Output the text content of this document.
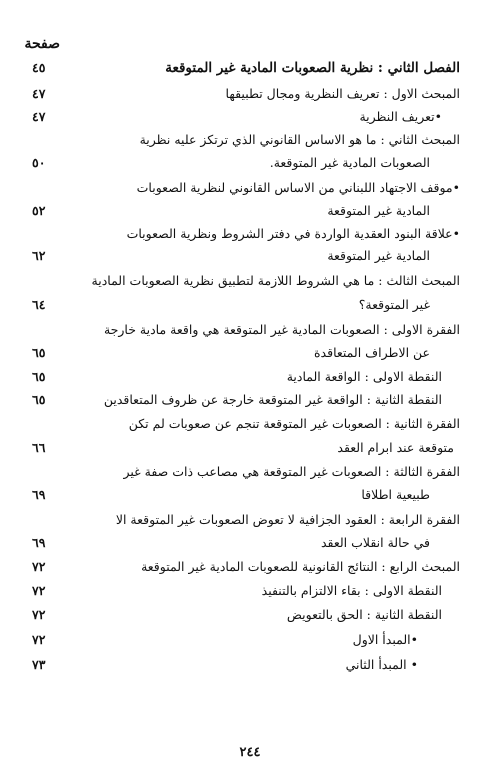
صفحة
الفصل الثاني : نظرية الصعوبات المادية غير المتوقعة
٤٥
المبحث الاول : تعريف النظرية ومجال تطبيقها
٤٧
•تعريف النظرية
٤٧
المبحث الثاني : ما هو الاساس القانوني الذي ترتكز عليه نظرية
الصعوبات المادية غير المتوقعة.
٥٠
•موقف الاجتهاد اللبناني من الاساس القانوني لنظرية الصعوبات
المادية غير المتوقعة
٥٢
•علاقة البنود العقدية الواردة في دفتر الشروط ونظرية الصعوبات
المادية غير المتوقعة
٦٢
المبحث الثالث : ما هي الشروط اللازمة لتطبيق نظرية الصعوبات المادية
غير المتوقعة؟
٦٤
الفقرة الاولى : الصعوبات المادية غير المتوقعة هي واقعة مادية خارجة
عن الاطراف المتعاقدة
٦٥
النقطة الاولى : الواقعة المادية
٦٥
النقطة الثانية : الواقعة غير المتوقعة خارجة عن ظروف المتعاقدين
٦٥
الفقرة الثانية : الصعوبات غير المتوقعة تنجم عن صعوبات لم تكن
متوقعة عند ابرام العقد
٦٦
الفقرة الثالثة : الصعوبات غير المتوقعة هي مصاعب ذات صفة غير
طبيعية اطلاقا
٦٩
الفقرة الرابعة : العقود الجزافية لا تعوض الصعوبات غير المتوقعة الا
في حالة انقلاب العقد
٦٩
المبحث الرابع : النتائج القانونية للصعوبات المادية غير المتوقعة
٧٢
النقطة الاولى : بقاء الالتزام بالتنفيذ
٧٢
النقطة الثانية : الحق بالتعويض
٧٢
•المبدأ الاول
٧٢
• المبدأ الثاني
٧٣
٢٤٤
